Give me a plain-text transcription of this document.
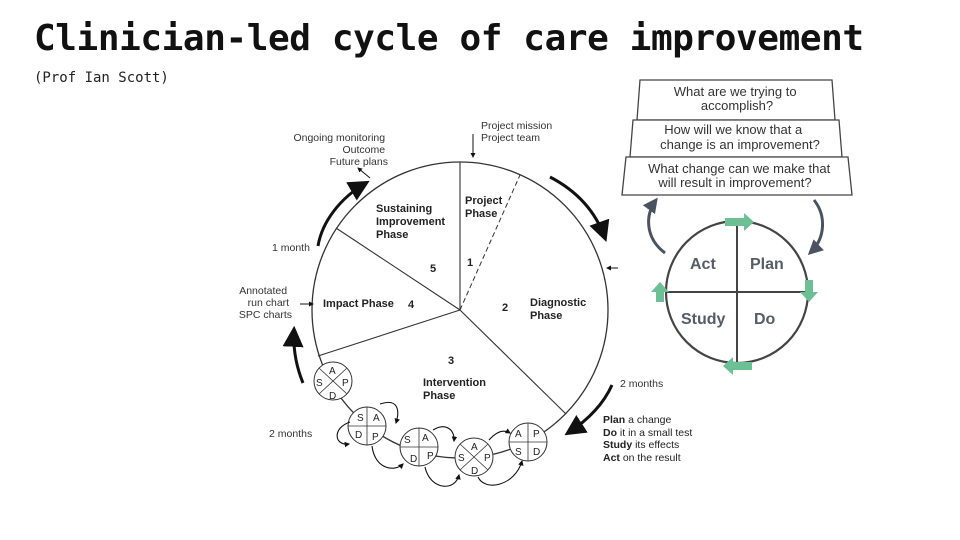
Clinician-led cycle of care improvement
(Prof Ian Scott)
Project Phase
Sustaining Improvement Phase
Diagnostic Phase
Impact Phase
Intervention Phase
1
2
3
4
5
Project mission Project team
Ongoing monitoring Outcome Future plans
1 month
Annotated run chart SPC charts
2 months
2 months
Plan a change Do it in a small test Study its effects Act on the result
A
S P
D
S A
D P	S A
D P
A
S P
D
A P
S D
What are we trying to accomplish?
How will we know that a change is an improvement?
What change can we make that will result in improvement?
Act Plan
Study Do
